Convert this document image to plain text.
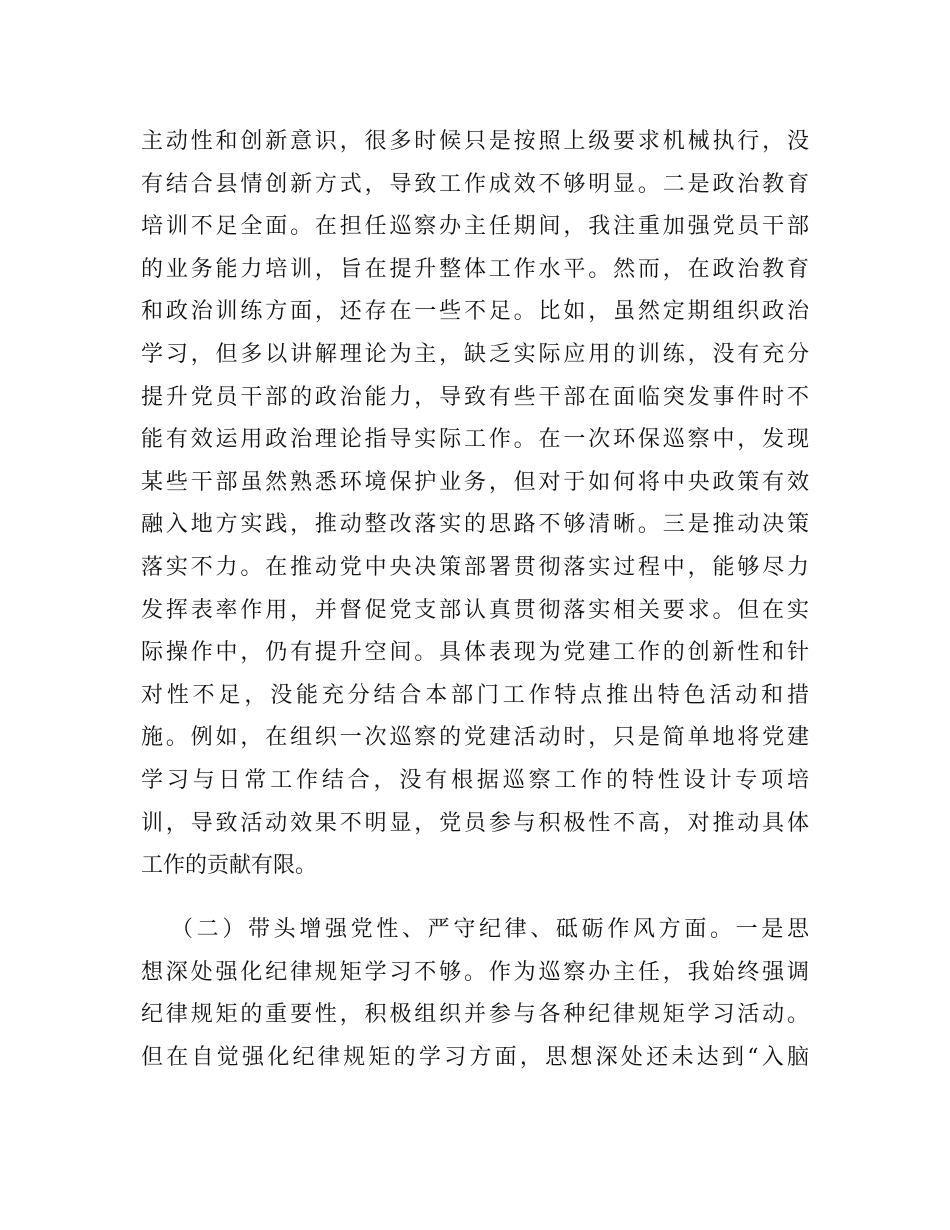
主动性和创新意识，很多时候只是按照上级要求机械执行，没
有结合县情创新方式，导致工作成效不够明显。二是政治教育
培训不足全面。在担任巡察办主任期间，我注重加强党员干部
的业务能力培训，旨在提升整体工作水平。然而，在政治教育
和政治训练方面，还存在一些不足。比如，虽然定期组织政治
学习，但多以讲解理论为主，缺乏实际应用的训练，没有充分
提升党员干部的政治能力，导致有些干部在面临突发事件时不
能有效运用政治理论指导实际工作。在一次环保巡察中，发现
某些干部虽然熟悉环境保护业务，但对于如何将中央政策有效
融入地方实践，推动整改落实的思路不够清晰。三是推动决策
落实不力。在推动党中央决策部署贯彻落实过程中，能够尽力
发挥表率作用，并督促党支部认真贯彻落实相关要求。但在实
际操作中，仍有提升空间。具体表现为党建工作的创新性和针
对性不足，没能充分结合本部门工作特点推出特色活动和措
施。例如，在组织一次巡察的党建活动时，只是简单地将党建
学习与日常工作结合，没有根据巡察工作的特性设计专项培
训，导致活动效果不明显，党员参与积极性不高，对推动具体
工作的贡献有限。
（二）带头增强党性、严守纪律、砥砺作风方面。一是思
想深处强化纪律规矩学习不够。作为巡察办主任，我始终强调
纪律规矩的重要性，积极组织并参与各种纪律规矩学习活动。
但在自觉强化纪律规矩的学习方面，思想深处还未达到“入脑
